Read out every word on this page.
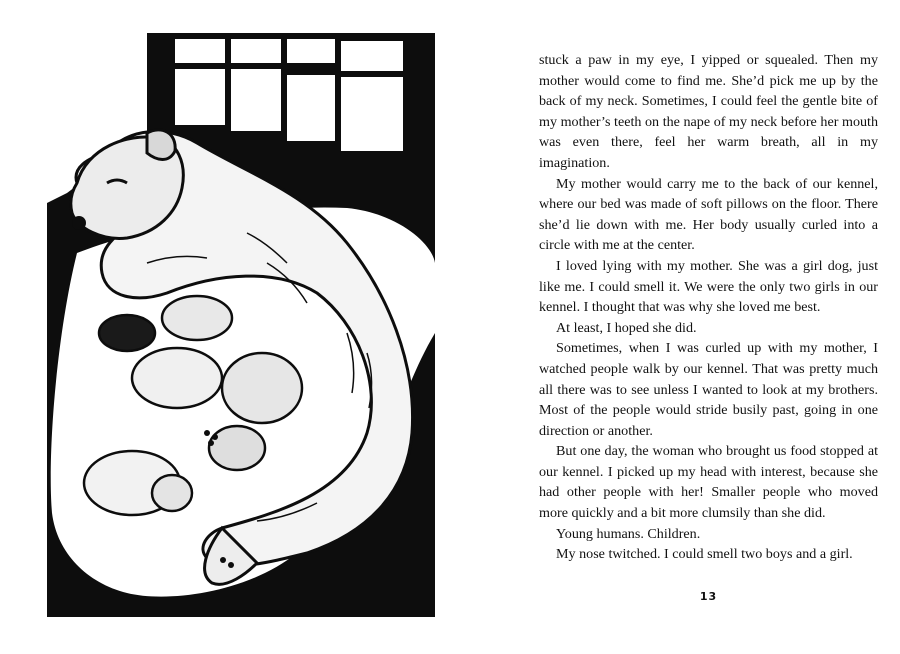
stuck a paw in my eye, I yipped or squealed. Then my mother would come to find me. She’d pick me up by the back of my neck. Sometimes, I could feel the gentle bite of my mother’s teeth on the nape of my neck before her mouth was even there, feel her warm breath, all in my imagination.

My mother would carry me to the back of our kennel, where our bed was made of soft pillows on the floor. There she’d lie down with me. Her body usually curled into a circle with me at the center.

I loved lying with my mother. She was a girl dog, just like me. I could smell it. We were the only two girls in our kennel. I thought that was why she loved me best.

At least, I hoped she did.

Sometimes, when I was curled up with my mother, I watched people walk by our kennel. That was pretty much all there was to see unless I wanted to look at my brothers. Most of the people would stride busily past, going in one direction or another.

But one day, the woman who brought us food stopped at our kennel. I picked up my head with interest, because she had other people with her! Smaller people who moved more quickly and a bit more clumsily than she did.

Young humans. Children.

My nose twitched. I could smell two boys and a girl.

13
